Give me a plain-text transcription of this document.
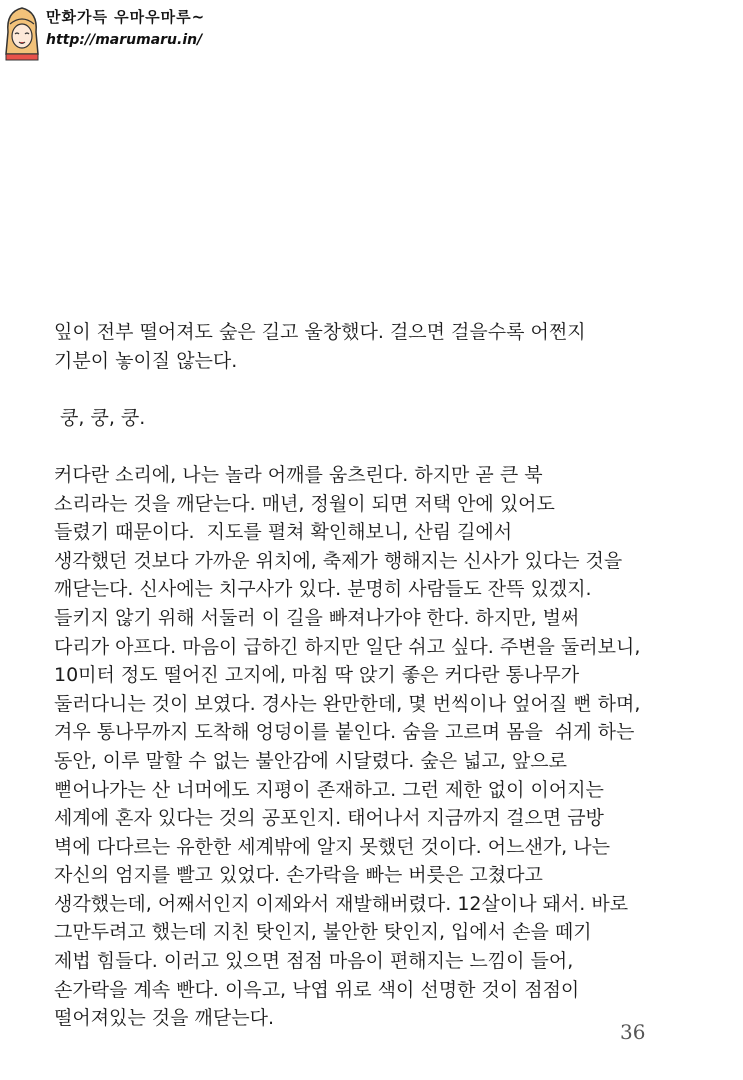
만화가득 우마우마루~
http://marumaru.in/
잎이 전부 떨어져도 숲은 길고 울창했다. 걸으면 걸을수록 어쩐지
기분이 놓이질 않는다.
쿵, 쿵, 쿵.
커다란 소리에, 나는 놀라 어깨를 움츠린다. 하지만 곧 큰 북
소리라는 것을 깨닫는다. 매년, 정월이 되면 저택 안에 있어도
들렸기 때문이다.  지도를 펼쳐 확인해보니, 산림 길에서
생각했던 것보다 가까운 위치에, 축제가 행해지는 신사가 있다는 것을
깨닫는다. 신사에는 치구사가 있다. 분명히 사람들도 잔뜩 있겠지.
들키지 않기 위해 서둘러 이 길을 빠져나가야 한다. 하지만, 벌써
다리가 아프다. 마음이 급하긴 하지만 일단 쉬고 싶다. 주변을 둘러보니,
10미터 정도 떨어진 고지에, 마침 딱 앉기 좋은 커다란 통나무가
둘러다니는 것이 보였다. 경사는 완만한데, 몇 번씩이나 엎어질 뻔 하며,
겨우 통나무까지 도착해 엉덩이를 붙인다. 숨을 고르며 몸을  쉬게 하는
동안, 이루 말할 수 없는 불안감에 시달렸다. 숲은 넓고, 앞으로
뻗어나가는 산 너머에도 지평이 존재하고. 그런 제한 없이 이어지는
세계에 혼자 있다는 것의 공포인지. 태어나서 지금까지 걸으면 금방
벽에 다다르는 유한한 세계밖에 알지 못했던 것이다. 어느샌가, 나는
자신의 엄지를 빨고 있었다. 손가락을 빠는 버릇은 고쳤다고
생각했는데, 어째서인지 이제와서 재발해버렸다. 12살이나 돼서. 바로
그만두려고 했는데 지친 탓인지, 불안한 탓인지, 입에서 손을 떼기
제법 힘들다. 이러고 있으면 점점 마음이 편해지는 느낌이 들어,
손가락을 계속 빤다. 이윽고, 낙엽 위로 색이 선명한 것이 점점이
떨어져있는 것을 깨닫는다.
36
